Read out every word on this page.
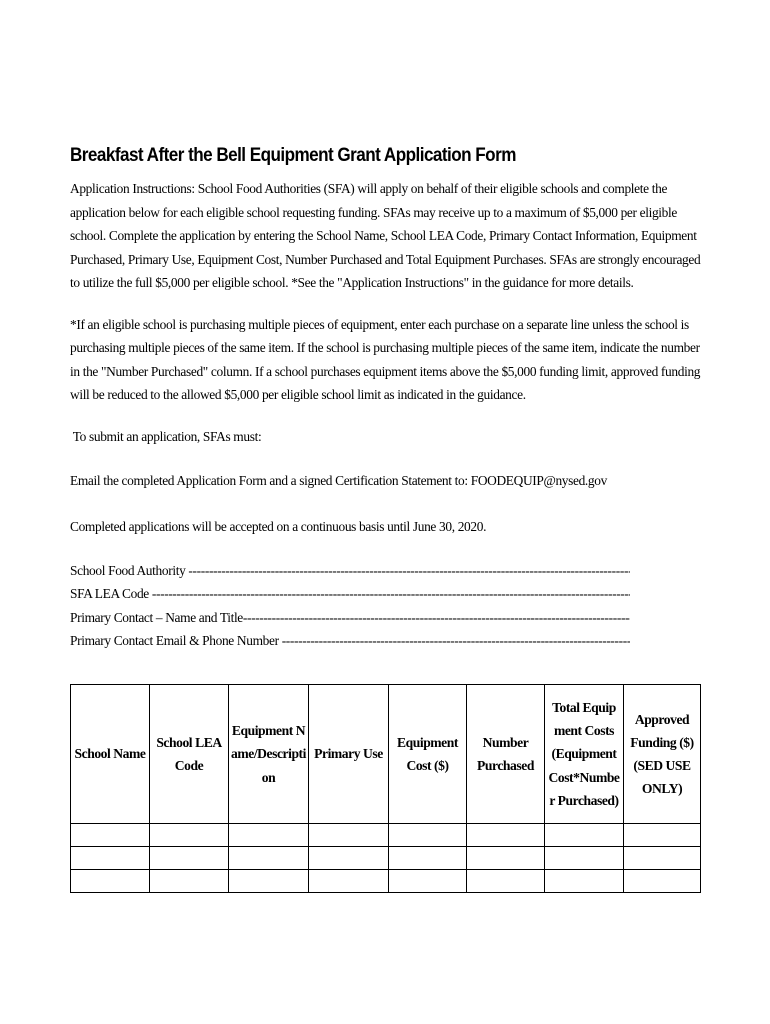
Breakfast After the Bell Equipment Grant Application Form

Application Instructions: School Food Authorities (SFA) will apply on behalf of their eligible schools and complete the application below for each eligible school requesting funding. SFAs may receive up to a maximum of $5,000 per eligible school. Complete the application by entering the School Name, School LEA Code, Primary Contact Information, Equipment Purchased, Primary Use, Equipment Cost, Number Purchased and Total Equipment Purchases. SFAs are strongly encouraged to utilize the full $5,000 per eligible school. *See the "Application Instructions" in the guidance for more details.

*If an eligible school is purchasing multiple pieces of equipment, enter each purchase on a separate line unless the school is purchasing multiple pieces of the same item. If the school is purchasing multiple pieces of the same item, indicate the number in the "Number Purchased" column. If a school purchases equipment items above the $5,000 funding limit, approved funding will be reduced to the allowed $5,000 per eligible school limit as indicated in the guidance.

To submit an application, SFAs must:

Email the completed Application Form and a signed Certification Statement to: FOODEQUIP@nysed.gov

Completed applications will be accepted on a continuous basis until June 30, 2020.

School Food Authority  -----
SFA LEA Code  -----
Primary Contact – Name and Title -----
Primary Contact Email & Phone Number  -----
School Name	School LEA Code	Equipment Name/Description	Primary Use	Equipment Cost ($)	Number Purchased	Total Equipment Costs (Equipment Cost*Number Purchased)	Approved Funding ($) (SED USE ONLY)
